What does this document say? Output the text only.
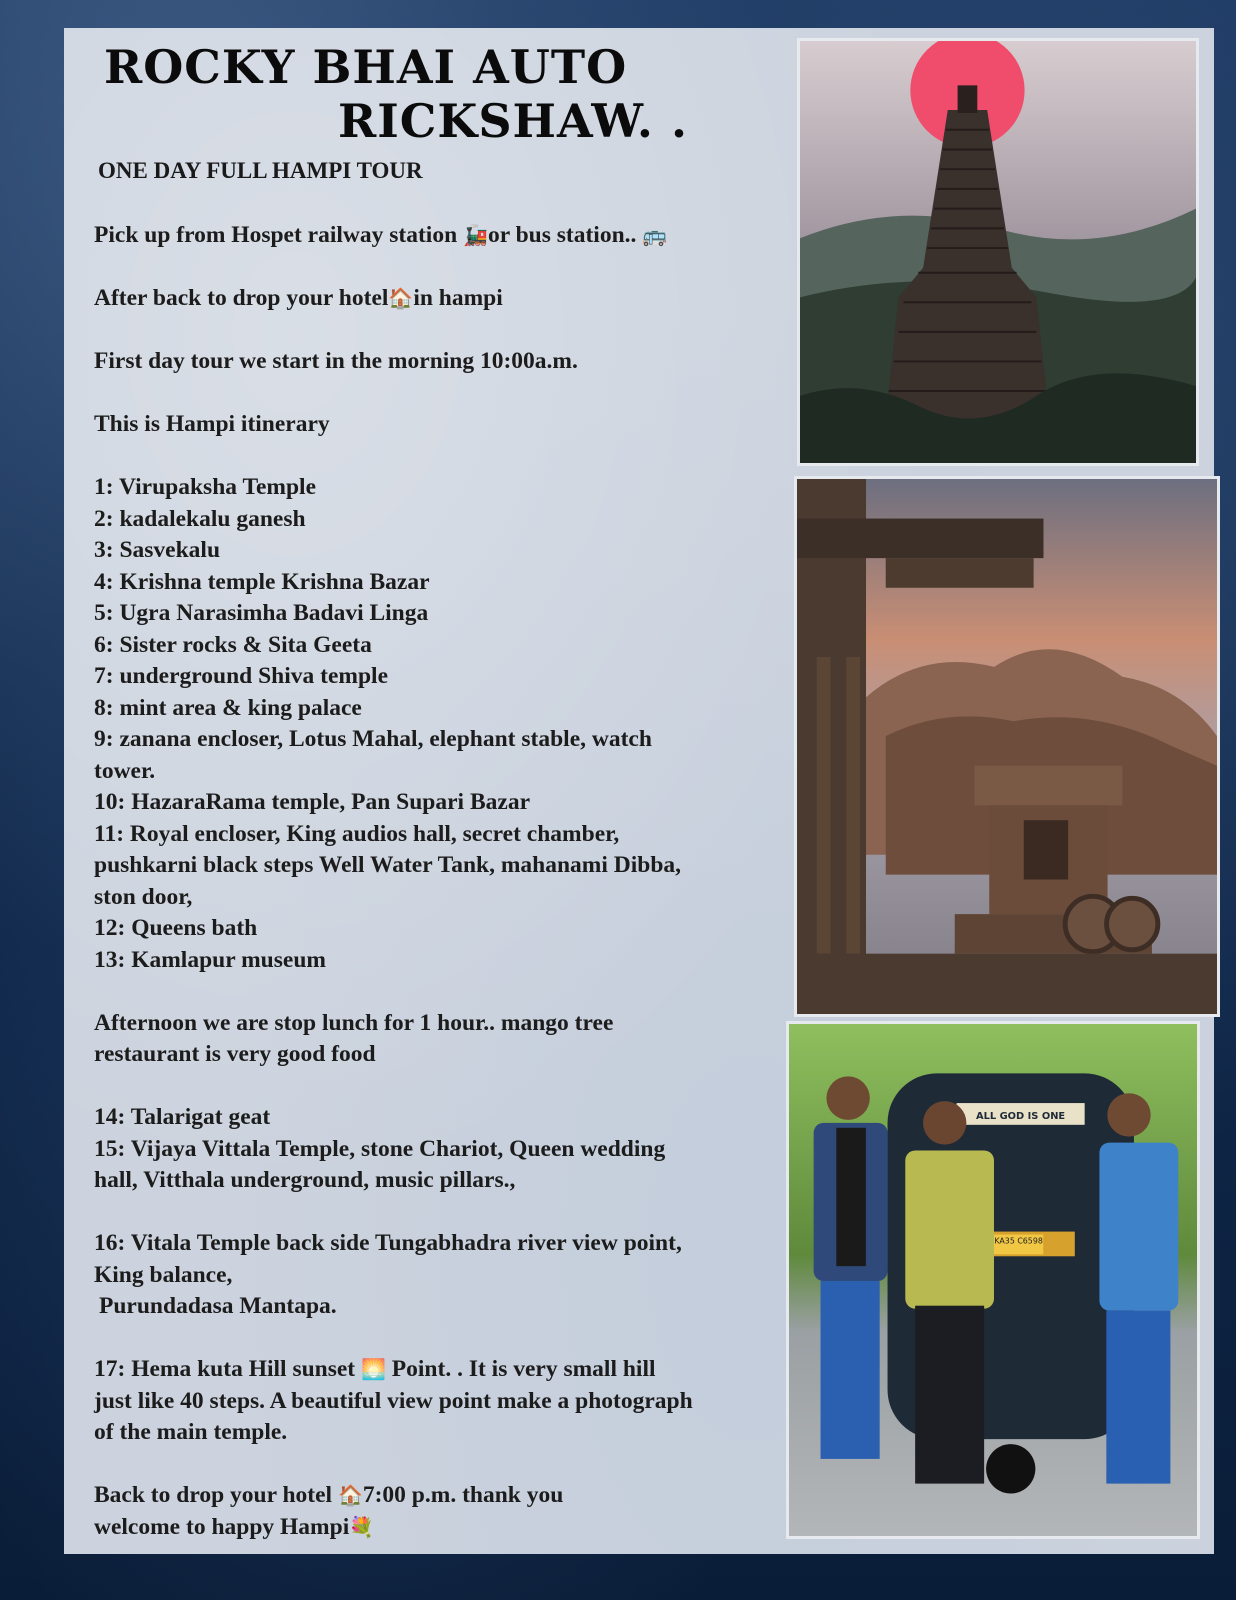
ROCKY BHAI AUTO
RICKSHAW. .
ONE DAY FULL HAMPI TOUR

Pick up from Hospet railway station 🚂or bus station.. 🚌

After back to drop your hotel🏠in hampi

First day tour we start in the morning 10:00a.m.

This is Hampi itinerary

1: Virupaksha Temple

2: kadalekalu ganesh

3: Sasvekalu

4: Krishna temple Krishna Bazar

5: Ugra Narasimha Badavi Linga

6: Sister rocks & Sita Geeta

7: underground Shiva temple

8: mint area & king palace

9: zanana encloser, Lotus Mahal, elephant stable, watch

tower.

10: HazaraRama temple, Pan Supari Bazar

11: Royal encloser, King audios hall, secret chamber,

pushkarni black steps Well Water Tank, mahanami Dibba,

ston door,

12: Queens bath

13: Kamlapur museum

Afternoon we are stop lunch for 1 hour.. mango tree

restaurant is very good food

14: Talarigat geat

15: Vijaya Vittala Temple, stone Chariot, Queen wedding

hall, Vitthala underground, music pillars.,

16: Vitala Temple back side Tungabhadra river view point,

King balance,

Purundadasa Mantapa.

17: Hema kuta Hill sunset 🌅 Point. . It is very small hill

just like 40 steps. A beautiful view point make a photograph

of the main temple.

Back to drop your hotel 🏠7:00 p.m. thank you

welcome to happy Hampi💐

ALL GOD IS ONE
KA35 C6598
